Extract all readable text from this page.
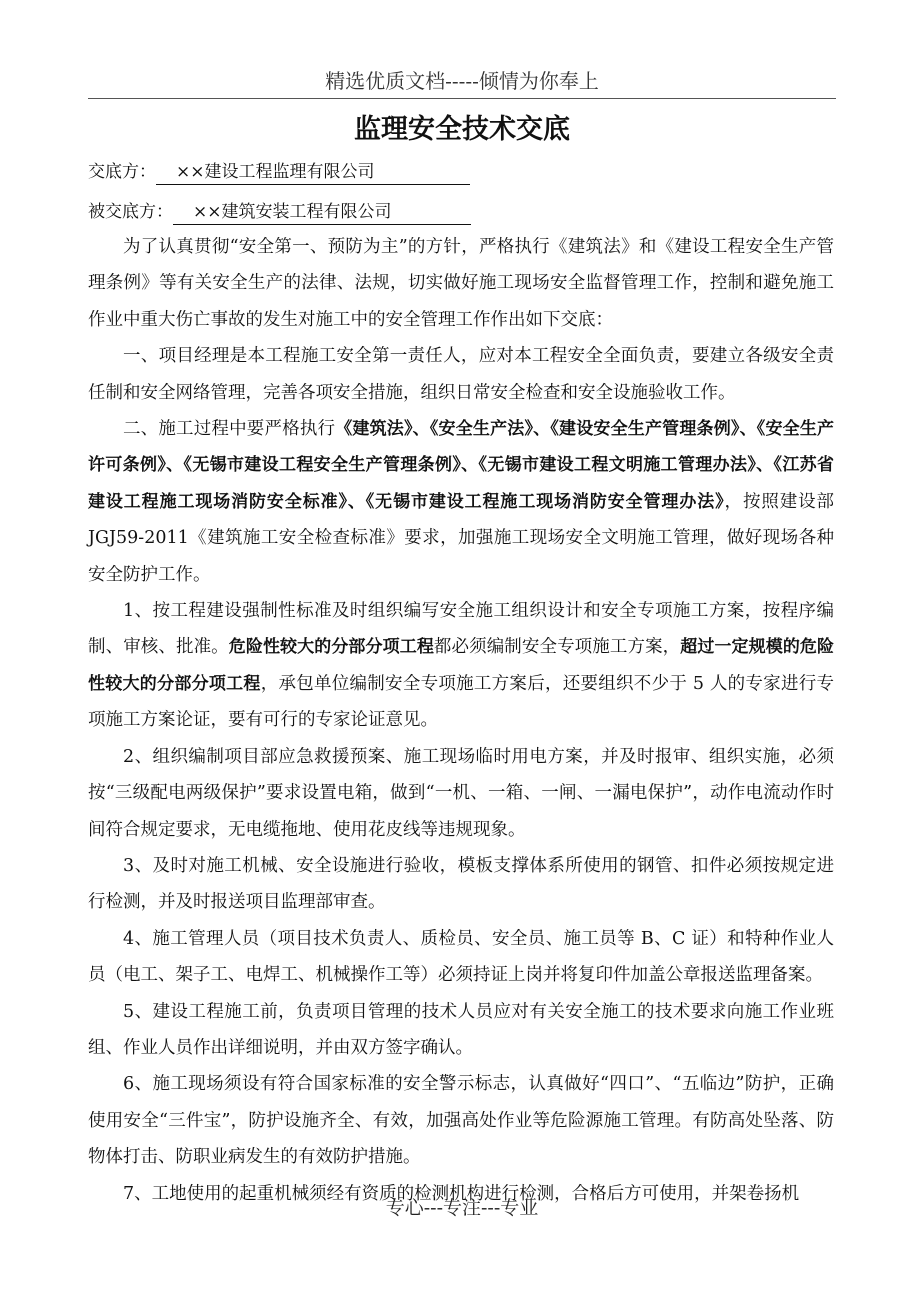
精选优质文档-----倾情为你奉上
监理安全技术交底
交底方： ××建设工程监理有限公司
被交底方： ××建筑安装工程有限公司

为了认真贯彻“安全第一、预防为主”的方针，严格执行《建筑法》和《建设工程安全生产管理条例》等有关安全生产的法律、法规，切实做好施工现场安全监督管理工作，控制和避免施工作业中重大伤亡事故的发生对施工中的安全管理工作作出如下交底：

一、项目经理是本工程施工安全第一责任人，应对本工程安全全面负责，要建立各级安全责任制和安全网络管理，完善各项安全措施，组织日常安全检查和安全设施验收工作。

二、施工过程中要严格执行《建筑法》、《安全生产法》、《建设安全生产管理条例》、《安全生产许可条例》、《无锡市建设工程安全生产管理条例》、《无锡市建设工程文明施工管理办法》、《江苏省建设工程施工现场消防安全标准》、《无锡市建设工程施工现场消防安全管理办法》，按照建设部 JGJ59-2011《建筑施工安全检查标准》要求，加强施工现场安全文明施工管理，做好现场各种安全防护工作。

1、按工程建设强制性标准及时组织编写安全施工组织设计和安全专项施工方案，按程序编制、审核、批准。危险性较大的分部分项工程都必须编制安全专项施工方案，超过一定规模的危险性较大的分部分项工程，承包单位编制安全专项施工方案后，还要组织不少于 5 人的专家进行专项施工方案论证，要有可行的专家论证意见。

2、组织编制项目部应急救援预案、施工现场临时用电方案，并及时报审、组织实施，必须按“三级配电两级保护”要求设置电箱，做到“一机、一箱、一闸、一漏电保护”，动作电流动作时间符合规定要求，无电缆拖地、使用花皮线等违规现象。

3、及时对施工机械、安全设施进行验收，模板支撑体系所使用的钢管、扣件必须按规定进行检测，并及时报送项目监理部审查。

4、施工管理人员（项目技术负责人、质检员、安全员、施工员等 B、C 证）和特种作业人员（电工、架子工、电焊工、机械操作工等）必须持证上岗并将复印件加盖公章报送监理备案。

5、建设工程施工前，负责项目管理的技术人员应对有关安全施工的技术要求向施工作业班组、作业人员作出详细说明，并由双方签字确认。

6、施工现场须设有符合国家标准的安全警示标志，认真做好“四口”、“五临边”防护，正确使用安全“三件宝”，防护设施齐全、有效，加强高处作业等危险源施工管理。有防高处坠落、防物体打击、防职业病发生的有效防护措施。

7、工地使用的起重机械须经有资质的检测机构进行检测，合格后方可使用，并架卷扬机

专心---专注---专业
